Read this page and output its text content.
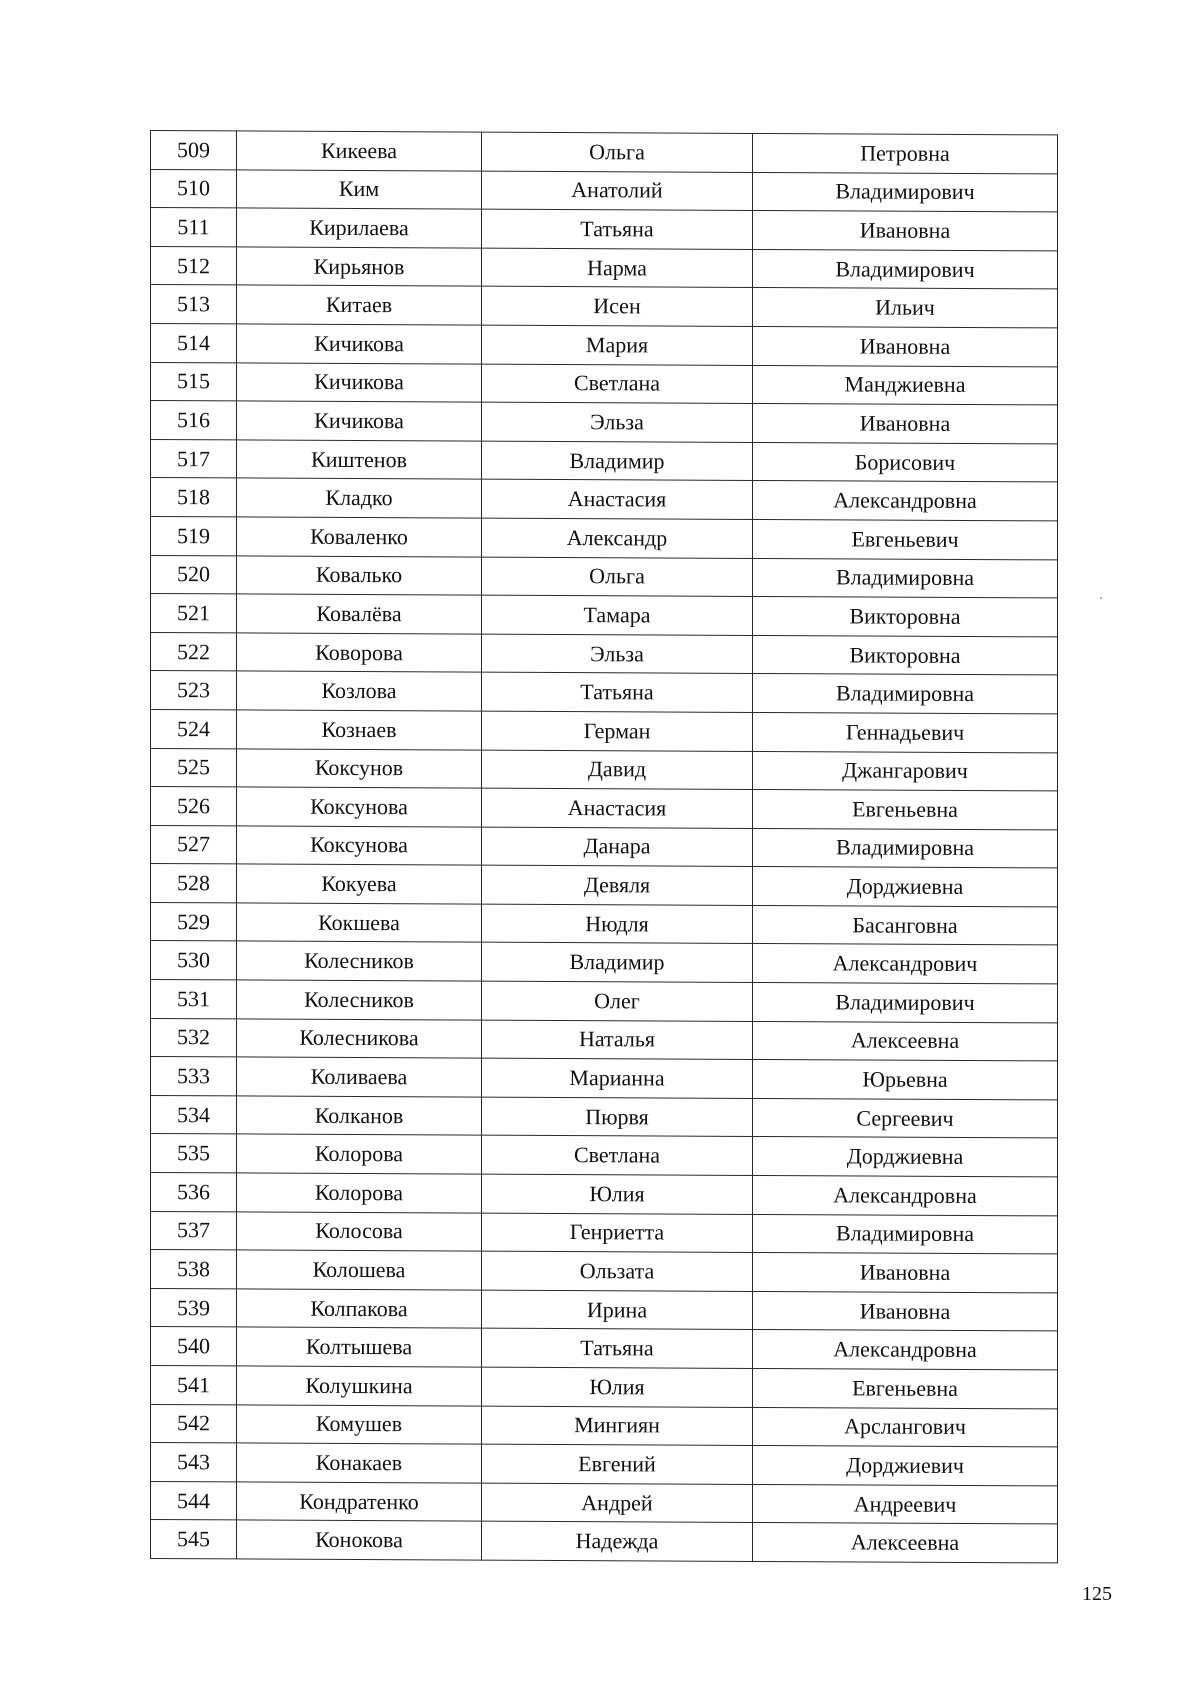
509	Кикеева	Ольга	Петровна
510	Ким	Анатолий	Владимирович
511	Кирилаева	Татьяна	Ивановна
512	Кирьянов	Нарма	Владимирович
513	Китаев	Исен	Ильич
514	Кичикова	Мария	Ивановна
515	Кичикова	Светлана	Манджиевна
516	Кичикова	Эльза	Ивановна
517	Киштенов	Владимир	Борисович
518	Кладко	Анастасия	Александровна
519	Коваленко	Александр	Евгеньевич
520	Ковалько	Ольга	Владимировна
521	Ковалёва	Тамара	Викторовна
522	Коворова	Эльза	Викторовна
523	Козлова	Татьяна	Владимировна
524	Кознаев	Герман	Геннадьевич
525	Коксунов	Давид	Джангарович
526	Коксунова	Анастасия	Евгеньевна
527	Коксунова	Данара	Владимировна
528	Кокуева	Девяля	Дорджиевна
529	Кокшева	Нюдля	Басанговна
530	Колесников	Владимир	Александрович
531	Колесников	Олег	Владимирович
532	Колесникова	Наталья	Алексеевна
533	Коливаева	Марианна	Юрьевна
534	Колканов	Пюрвя	Сергеевич
535	Колорова	Светлана	Дорджиевна
536	Колорова	Юлия	Александровна
537	Колосова	Генриетта	Владимировна
538	Колошева	Ользата	Ивановна
539	Колпакова	Ирина	Ивановна
540	Колтышева	Татьяна	Александровна
541	Колушкина	Юлия	Евгеньевна
542	Комушев	Мингиян	Арслангович
543	Конакаев	Евгений	Дорджиевич
544	Кондратенко	Андрей	Андреевич
545	Конокова	Надежда	Алексеевна
125
